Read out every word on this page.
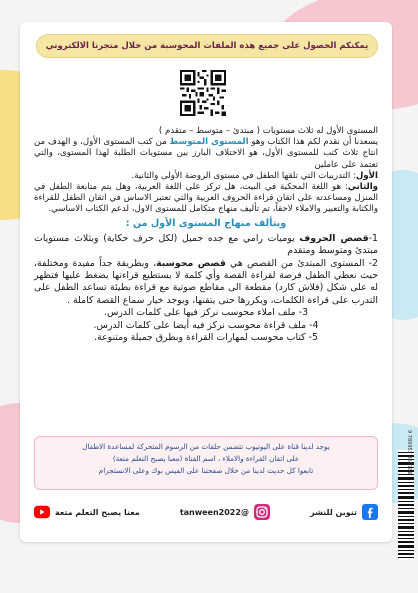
يمكنكم الحصول على جميع هذه الملفات المحوسبة من خلال متجرنا الالكتروني

المستوى الأول له ثلاث مستويات ( مبتدئ – متوسط – متقدم )
يسعدنا أن نقدم لكم هذا الكتاب وهو المستوى المتوسط من كتب المستوى الأول، و الهدف من انتاج ثلاث كتب للمستوى الأول، هو الاختلاف البارز بين مستويات الطلبة لهذا المستوى، والتي تعتمد على عاملين

الأول: التدريبات التي تلقها الطفل في مستوى الروضة الأولى والثانية.

والثاني: هو اللغة المحكية في البيت، هل تركز على اللغة العربية، وهل يتم متابعة الطفل في المنزل ومساعدته على اتقان قراءة الحروف العربية والتي تعتبر الاساس في اتقان الطفل للقراءة والكتابة والتعبير والاملاء لاحقاً، تم تأليف منهاج متكامل للمستوى الاول، لدعم الكتاب الاساسي.

ويتألف منهاج المستوى الأول من :

1-قصص الحروف يوميات رامي مع جده جميل (لكل حرف حكاية) وبثلاث مستويات مبتدئ ومتوسط ومتقدم

2- المستوى المبتدئ من القصص هي قصص محوسبة، وبطريقة جداً مفيدة ومختلفة، حيث نعطي الطفل فرصة لقراءة القصة وأي كلمة لا يستطيع قراءتها يضغط عليها فتظهر له على شكل (فلاش كارد) مقطعة الى مقاطع صوتية مع قراءة بطيئة تساعد الطفل على التدرب على قراءة الكلمات، ويكررها حتى يتقنها، ويوجد خيار سماع القصة كاملة .

3- ملف املاء محوسب نركز فيها على كلمات الدرس.

4- ملف قراءة محوسب نركز فيه أيضا على كلمات الدرس.

5- كتاب محوسب لمهارات القراءة وبطرق جميلة ومتنوعة.

يوجد لدينا قناة على اليوتيوب تتضمن حلقات من الرسوم المتحركة لمساعدة الاطفال
على اتقان القراءة والاملاء ، اسم القناة (معنا يصبح التعلم متعة)
تابعوا كل حديث لدينا من خلال صفحتنا على الفيس بوك وعلى الانستجرام
تنوين للنشر
@tanween2022
معنا يصبح التعلم متعة
9 789957 865786
